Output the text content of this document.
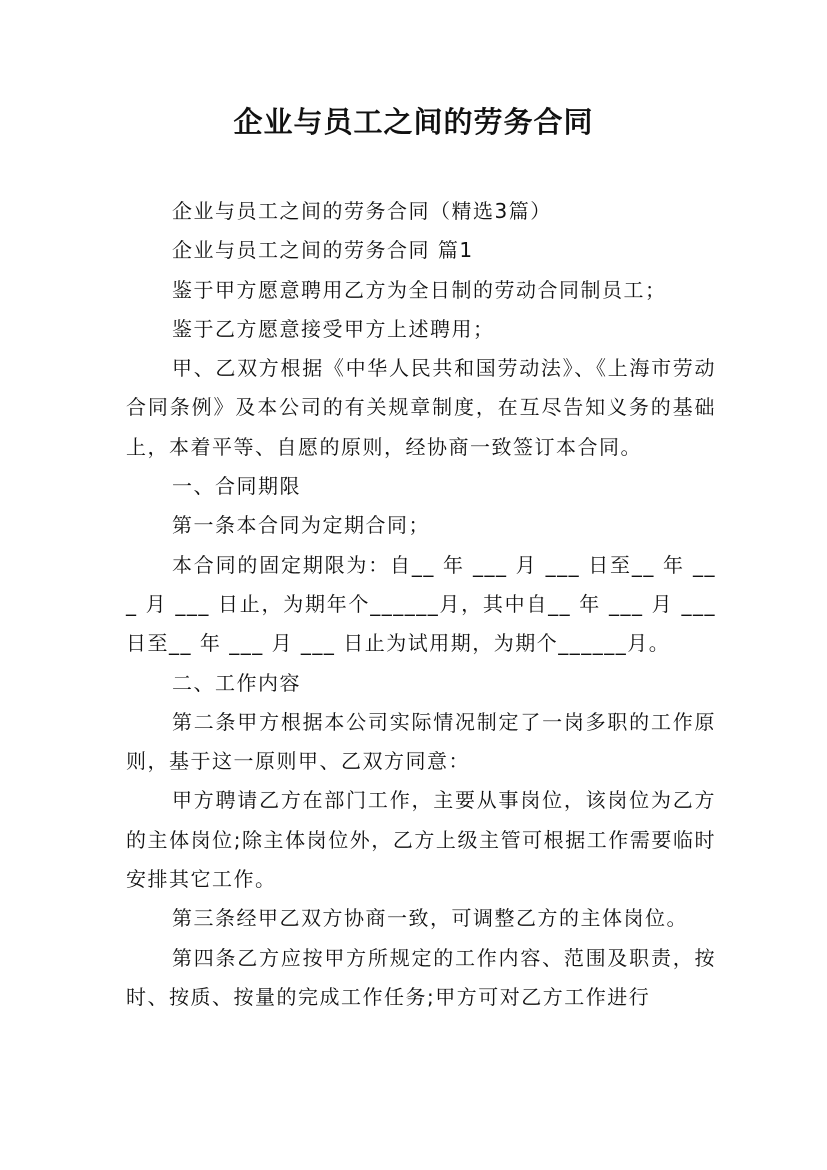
企业与员工之间的劳务合同

企业与员工之间的劳务合同（精选3篇）

企业与员工之间的劳务合同 篇1

鉴于甲方愿意聘用乙方为全日制的劳动合同制员工；

鉴于乙方愿意接受甲方上述聘用；

甲、乙双方根据《中华人民共和国劳动法》、《上海市劳动合同条例》及本公司的有关规章制度，在互尽告知义务的基础上，本着平等、自愿的原则，经协商一致签订本合同。

一、合同期限

第一条本合同为定期合同；

本合同的固定期限为：自__ 年 ___ 月 ___ 日至__ 年 ___ 月 ___ 日止，为期年个______月，其中自__ 年 ___ 月 ___ 日至__ 年 ___ 月 ___ 日止为试用期，为期个______月。

二、工作内容

第二条甲方根据本公司实际情况制定了一岗多职的工作原则，基于这一原则甲、乙双方同意：

甲方聘请乙方在部门工作，主要从事岗位，该岗位为乙方的主体岗位;除主体岗位外，乙方上级主管可根据工作需要临时安排其它工作。

第三条经甲乙双方协商一致，可调整乙方的主体岗位。

第四条乙方应按甲方所规定的工作内容、范围及职责，按时、按质、按量的完成工作任务;甲方可对乙方工作进行
